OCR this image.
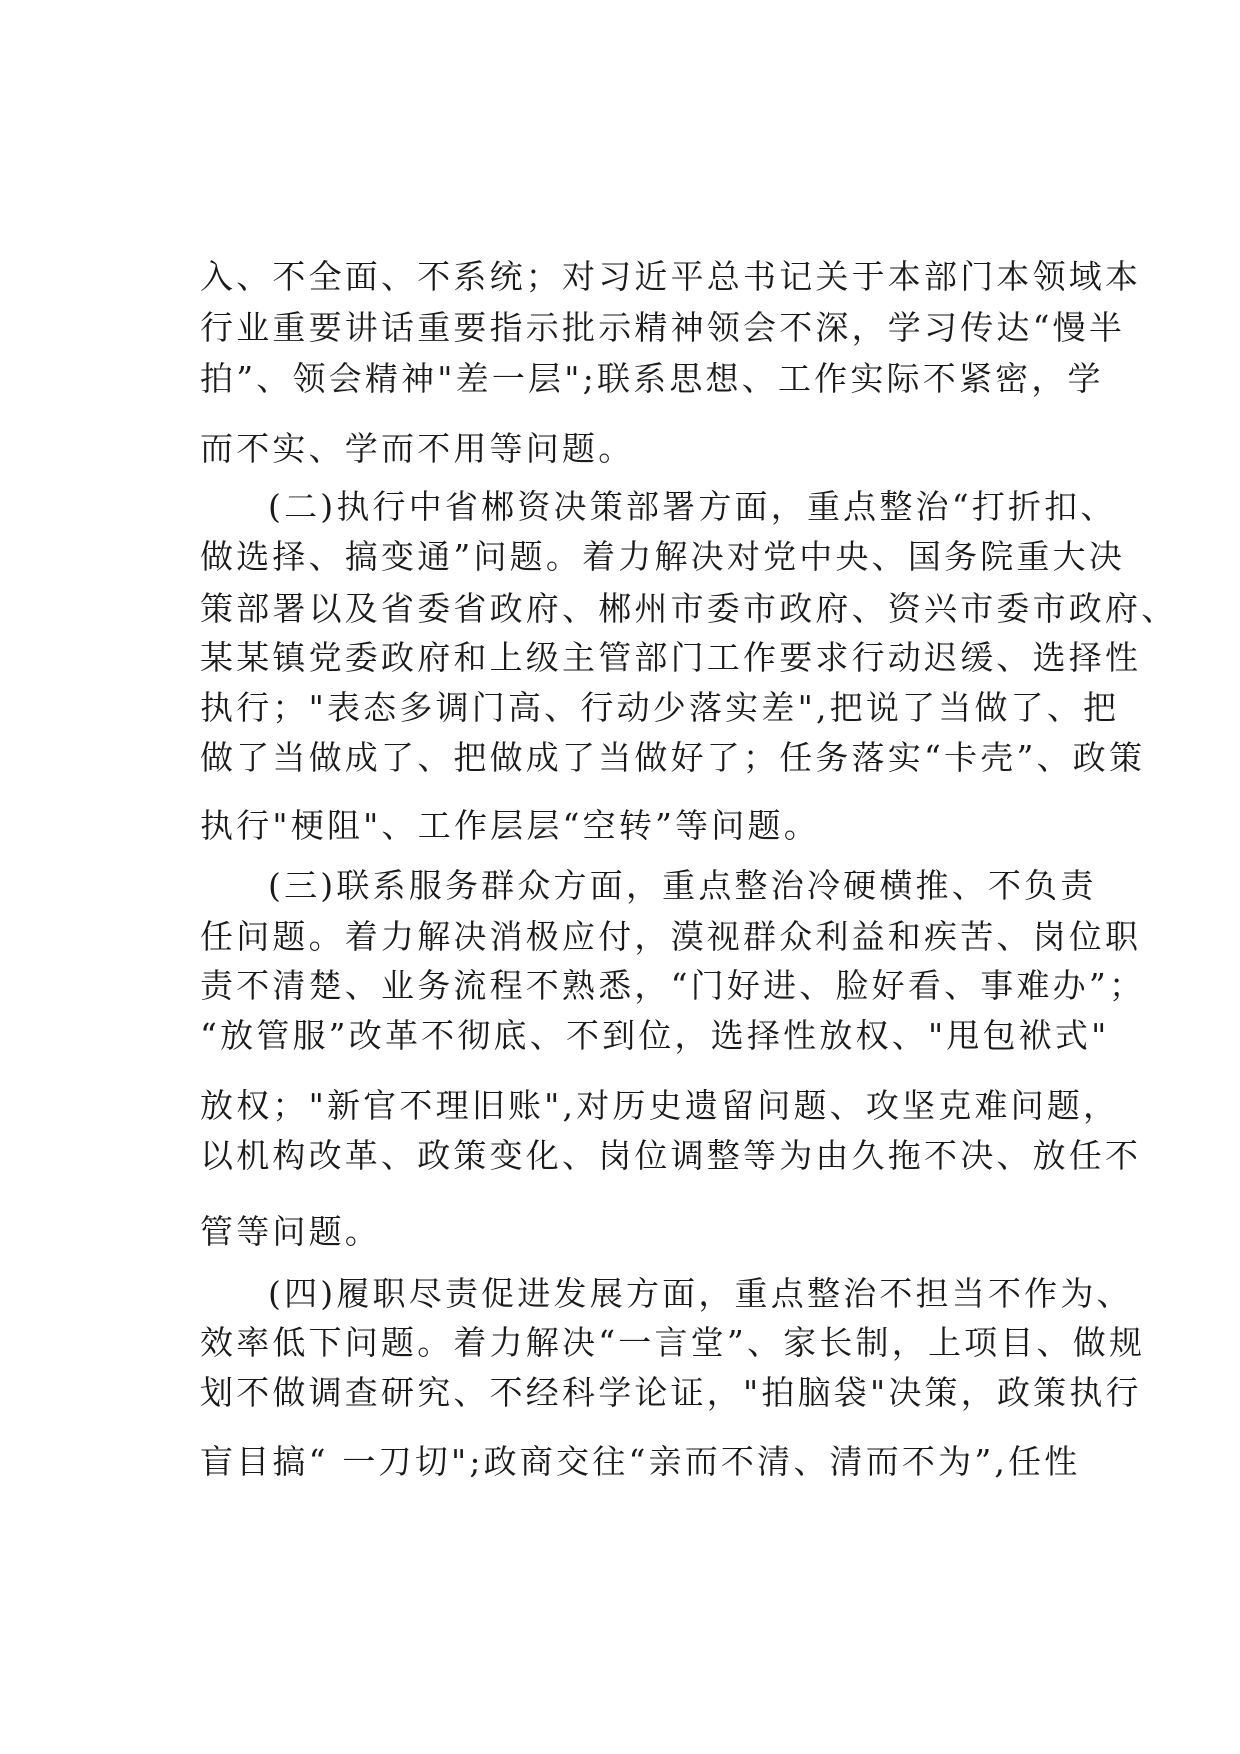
入、不全面、不系统；对习近平总书记关于本部门本领域本
行业重要讲话重要指示批示精神领会不深，学习传达“慢半
拍”、领会精神"差一层";联系思想、工作实际不紧密，学
而不实、学而不用等问题。
(二)执行中省郴资决策部署方面，重点整治“打折扣、
做选择、搞变通”问题。着力解决对党中央、国务院重大决
策部署以及省委省政府、郴州市委市政府、资兴市委市政府、
某某镇党委政府和上级主管部门工作要求行动迟缓、选择性
执行；"表态多调门高、行动少落实差",把说了当做了、把
做了当做成了、把做成了当做好了；任务落实“卡壳”、政策
执行"梗阻"、工作层层“空转”等问题。
(三)联系服务群众方面，重点整治冷硬横推、不负责
任问题。着力解决消极应付，漠视群众利益和疾苦、岗位职
责不清楚、业务流程不熟悉，“门好进、脸好看、事难办”；
“放管服”改革不彻底、不到位，选择性放权、"甩包袱式"
放权；"新官不理旧账",对历史遗留问题、攻坚克难问题，
以机构改革、政策变化、岗位调整等为由久拖不决、放任不
管等问题。
(四)履职尽责促进发展方面，重点整治不担当不作为、
效率低下问题。着力解决“一言堂”、家长制，上项目、做规
划不做调查研究、不经科学论证，"拍脑袋"决策，政策执行
盲目搞“ 一刀切";政商交往“亲而不清、清而不为”,任性
